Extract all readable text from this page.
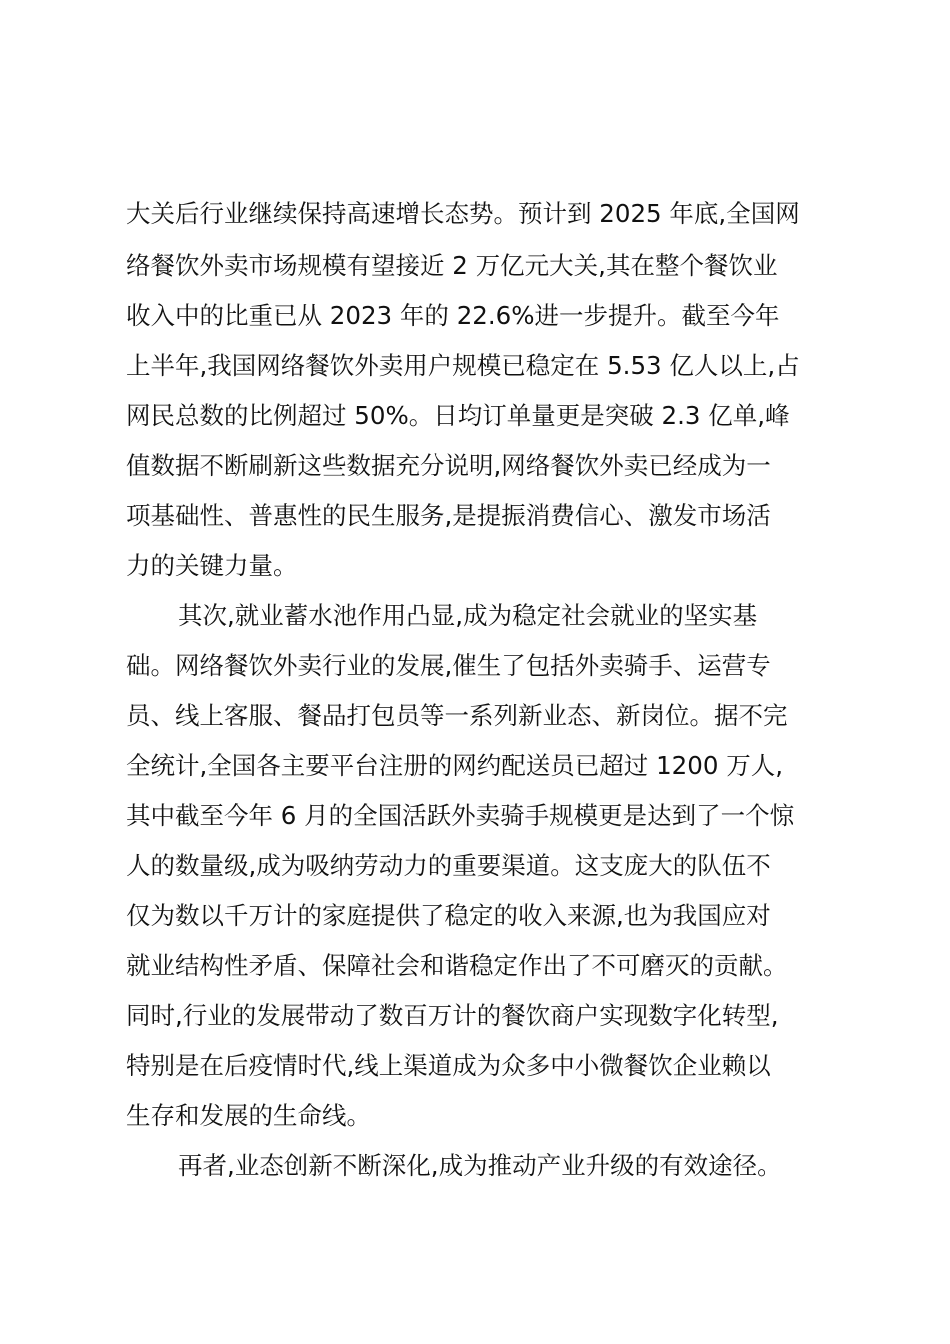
大关后行业继续保持高速增长态势。预计到 2025 年底,全国网
络餐饮外卖市场规模有望接近 2 万亿元大关,其在整个餐饮业
收入中的比重已从 2023 年的 22.6%进一步提升。截至今年
上半年,我国网络餐饮外卖用户规模已稳定在 5.53 亿人以上,占
网民总数的比例超过 50%。日均订单量更是突破 2.3 亿单,峰
值数据不断刷新这些数据充分说明,网络餐饮外卖已经成为一
项基础性、普惠性的民生服务,是提振消费信心、激发市场活
力的关键力量。
其次,就业蓄水池作用凸显,成为稳定社会就业的坚实基
础。网络餐饮外卖行业的发展,催生了包括外卖骑手、运营专
员、线上客服、餐品打包员等一系列新业态、新岗位。据不完
全统计,全国各主要平台注册的网约配送员已超过 1200 万人,
其中截至今年 6 月的全国活跃外卖骑手规模更是达到了一个惊
人的数量级,成为吸纳劳动力的重要渠道。这支庞大的队伍不
仅为数以千万计的家庭提供了稳定的收入来源,也为我国应对
就业结构性矛盾、保障社会和谐稳定作出了不可磨灭的贡献。
同时,行业的发展带动了数百万计的餐饮商户实现数字化转型,
特别是在后疫情时代,线上渠道成为众多中小微餐饮企业赖以
生存和发展的生命线。
再者,业态创新不断深化,成为推动产业升级的有效途径。
